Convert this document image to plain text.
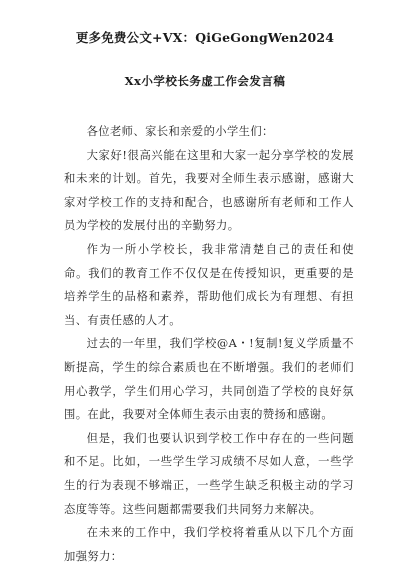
更多免费公文+VX：QiGeGongWen2024
Xx小学校长务虚工作会发言稿

各位老师、家长和亲爱的小学生们：

大家好!很高兴能在这里和大家一起分享学校的发展和未来的计划。首先，我要对全师生表示感谢，感谢大家对学校工作的支持和配合，也感谢所有老师和工作人员为学校的发展付出的辛勤努力。

作为一所小学校长，我非常清楚自己的责任和使命。我们的教育工作不仅仅是在传授知识，更重要的是培养学生的品格和素养，帮助他们成长为有理想、有担当、有责任感的人才。

过去的一年里，我们学校@A・!复制!复义学质量不断提高，学生的综合素质也在不断增强。我们的老师们用心教学，学生们用心学习，共同创造了学校的良好氛围。在此，我要对全体师生表示由衷的赞扬和感谢。

但是，我们也要认识到学校工作中存在的一些问题和不足。比如，一些学生学习成绩不尽如人意，一些学生的行为表现不够端正，一些学生缺乏积极主动的学习态度等等。这些问题都需要我们共同努力来解决。

在未来的工作中，我们学校将着重从以下几个方面加强努力：
